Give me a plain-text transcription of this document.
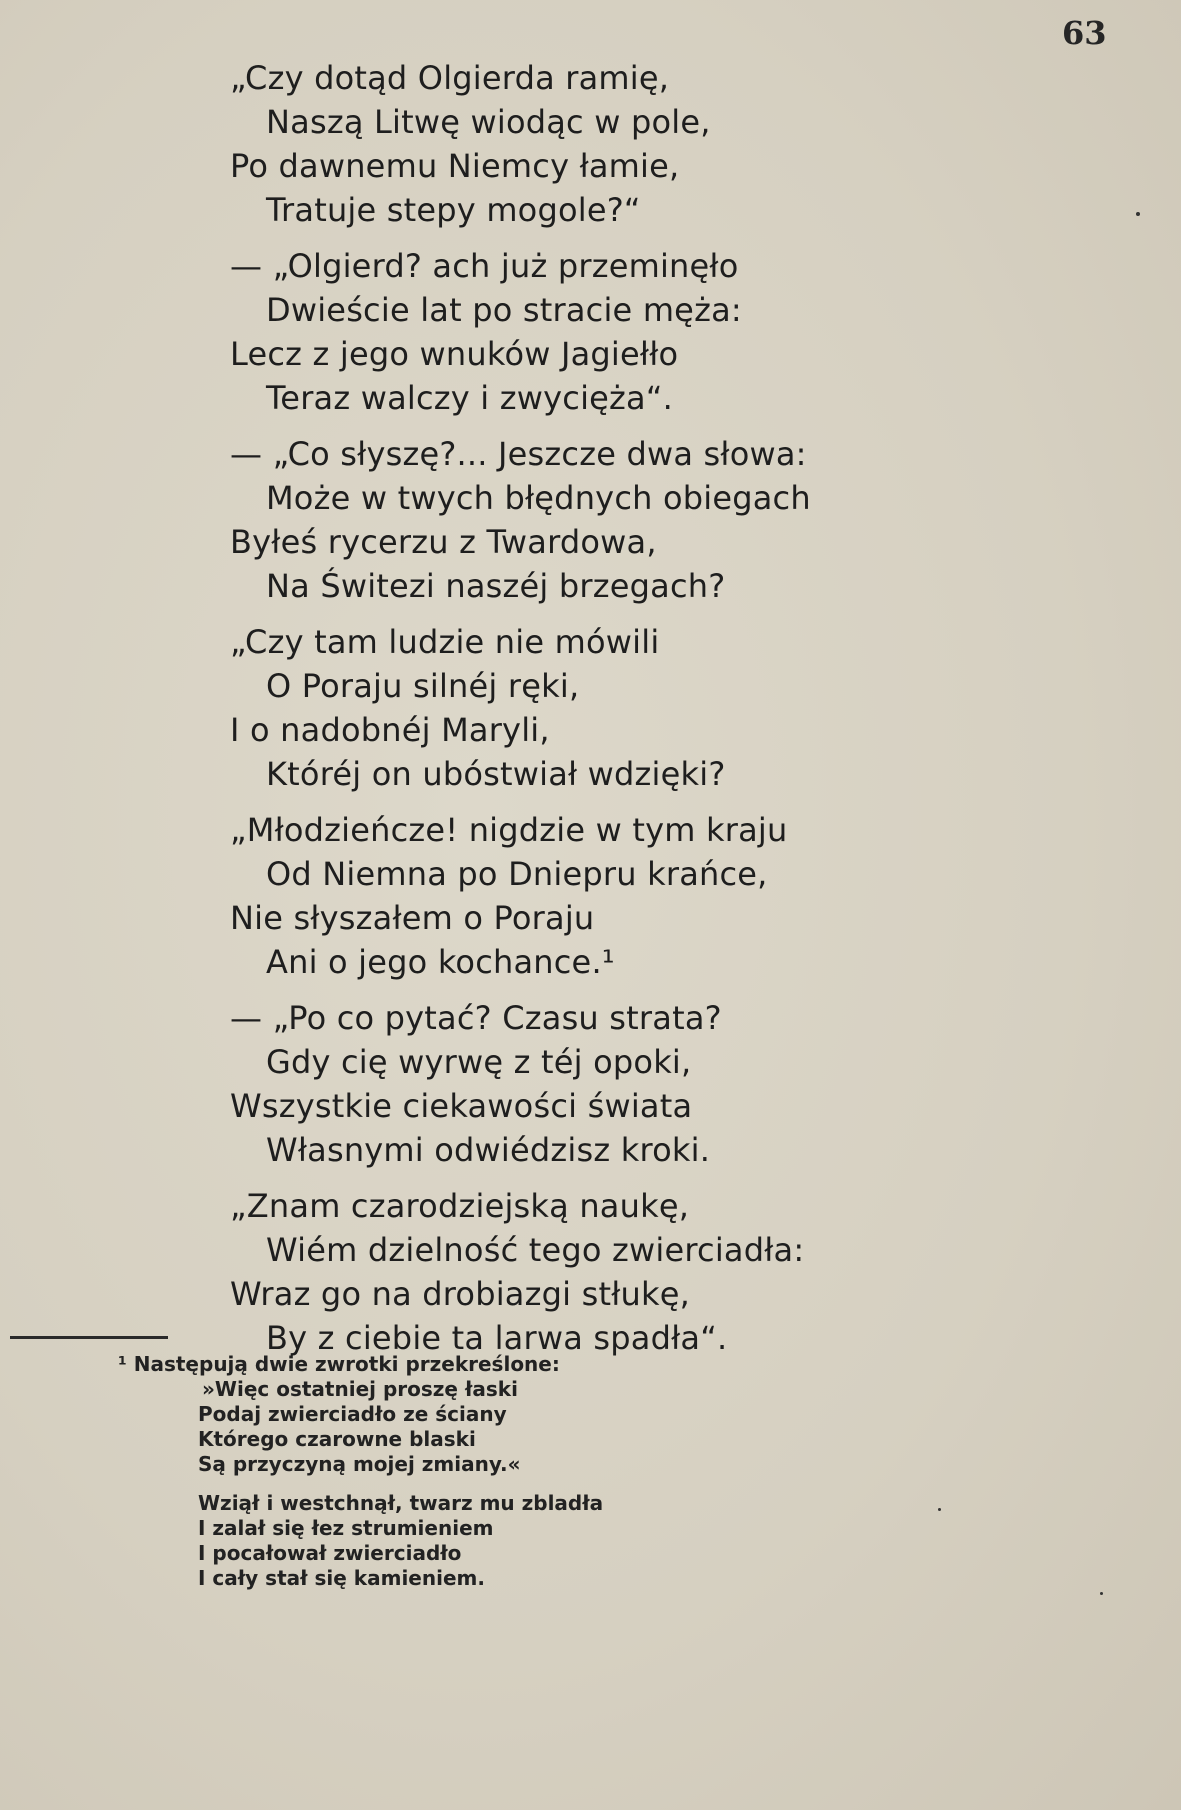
63
„Czy dotąd Olgierda ramię,
Naszą Litwę wiodąc w pole,
Po dawnemu Niemcy łamie,
Tratuje stepy mogole?“
— „Olgierd? ach już przeminęło
Dwieście lat po stracie męża:
Lecz z jego wnuków Jagiełło
Teraz walczy i zwycięża“.
— „Co słyszę?... Jeszcze dwa słowa:
Może w twych błędnych obiegach
Byłeś rycerzu z Twardowa,
Na Świtezi naszéj brzegach?
„Czy tam ludzie nie mówili
O Poraju silnéj ręki,
I o nadobnéj Maryli,
Któréj on ubóstwiał wdzięki?
„Młodzieńcze! nigdzie w tym kraju
Od Niemna po Dniepru krańce,
Nie słyszałem o Poraju
Ani o jego kochance.¹
— „Po co pytać? Czasu strata?
Gdy cię wyrwę z téj opoki,
Wszystkie ciekawości świata
Własnymi odwiédzisz kroki.
„Znam czarodziejską naukę,
Wiém dzielność tego zwierciadła:
Wraz go na drobiazgi stłukę,
By z ciebie ta larwa spadła“.
¹ Następują dwie zwrotki przekreślone:
»Więc ostatniej proszę łaski
Podaj zwierciadło ze ściany
Którego czarowne blaski
Są przyczyną mojej zmiany.«
Wziął i westchnął, twarz mu zbladła
I zalał się łez strumieniem
I pocałował zwierciadło
I cały stał się kamieniem.
